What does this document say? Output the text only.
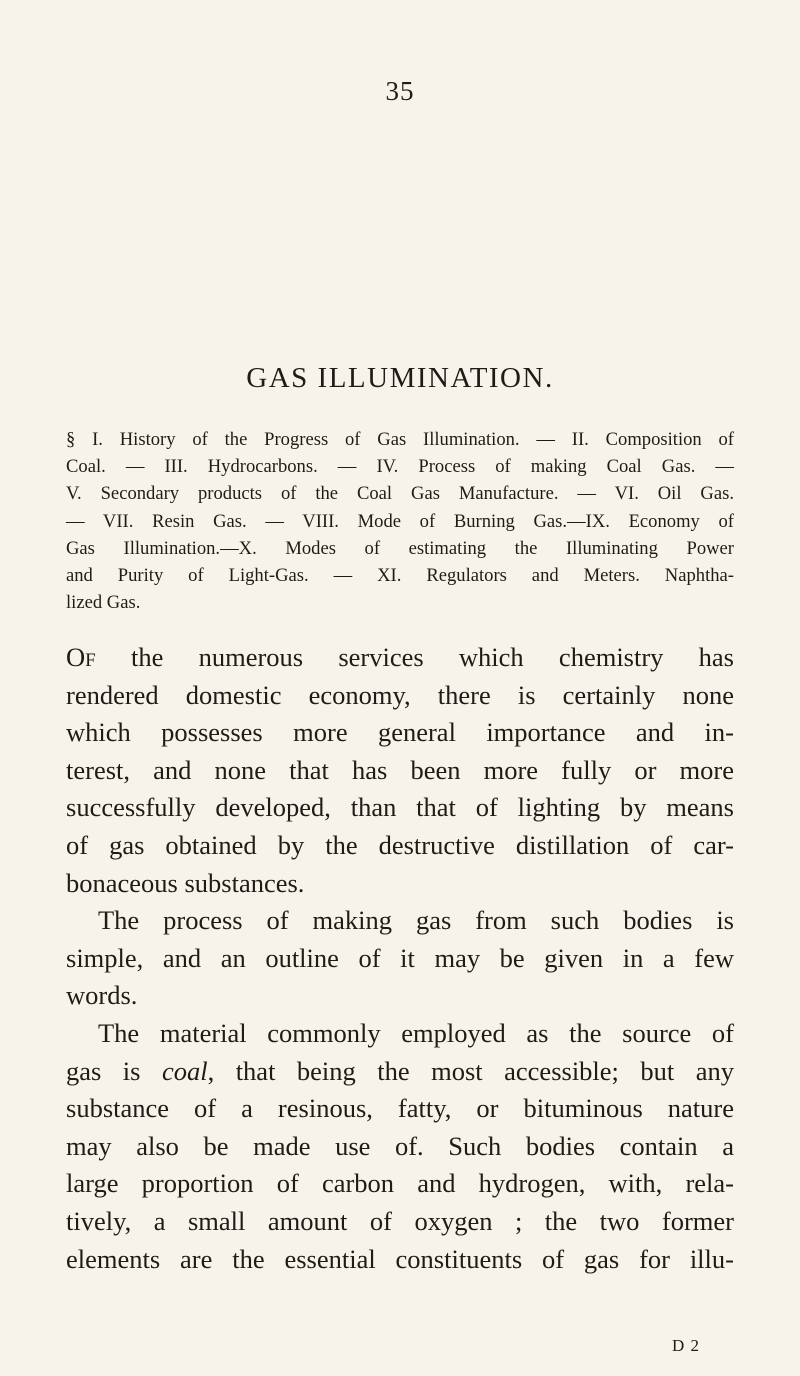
35
GAS ILLUMINATION.
§ I. History of the Progress of Gas Illumination. — II. Composition of
Coal. — III. Hydrocarbons. — IV. Process of making Coal Gas. —
V. Secondary products of the Coal Gas Manufacture. — VI. Oil Gas.
— VII. Resin Gas. — VIII. Mode of Burning Gas.—IX. Economy of
Gas Illumination.—X. Modes of estimating the Illuminating Power
and Purity of Light-Gas. — XI. Regulators and Meters. Naphtha-
lized Gas.
Of the numerous services which chemistry has
rendered domestic economy, there is certainly none
which possesses more general importance and in-
terest, and none that has been more fully or more
successfully developed, than that of lighting by means
of gas obtained by the destructive distillation of car-
bonaceous substances.
The process of making gas from such bodies is
simple, and an outline of it may be given in a few
words.
The material commonly employed as the source of
gas is coal, that being the most accessible; but any
substance of a resinous, fatty, or bituminous nature
may also be made use of. Such bodies contain a
large proportion of carbon and hydrogen, with, rela-
tively, a small amount of oxygen ; the two former
elements are the essential constituents of gas for illu-
D 2
